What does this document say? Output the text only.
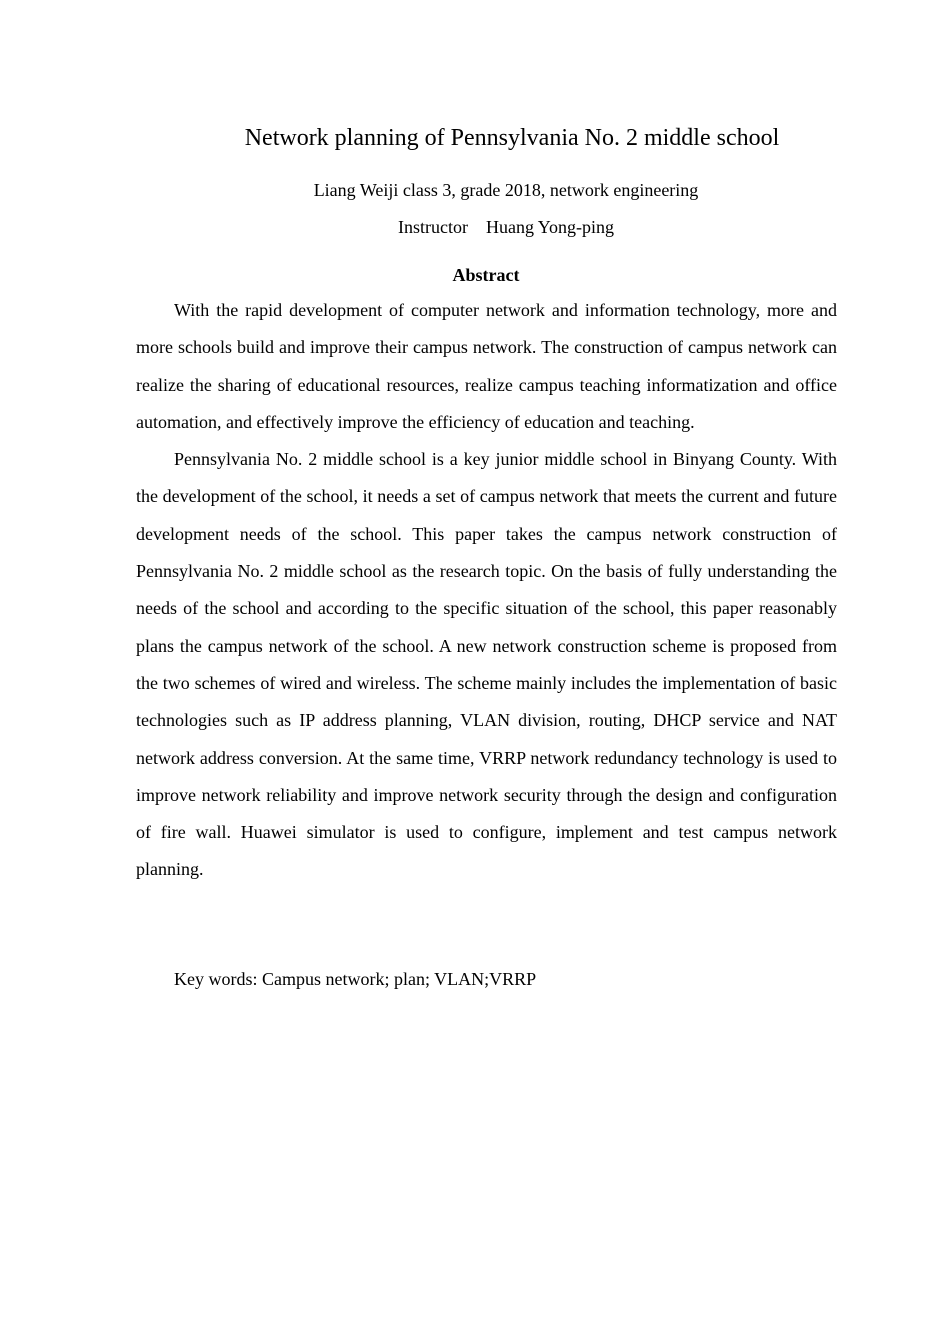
Network planning of Pennsylvania No. 2 middle school
Liang Weiji class 3, grade 2018, network engineering
Instructor Huang Yong-ping
Abstract

With the rapid development of computer network and information technology, more and more schools build and improve their campus network. The construction of campus network can realize the sharing of educational resources, realize campus teaching informatization and office automation, and effectively improve the efficiency of education and teaching.

Pennsylvania No. 2 middle school is a key junior middle school in Binyang County. With the development of the school, it needs a set of campus network that meets the current and future development needs of the school. This paper takes the campus network construction of Pennsylvania No. 2 middle school as the research topic. On the basis of fully understanding the needs of the school and according to the specific situation of the school, this paper reasonably plans the campus network of the school. A new network construction scheme is proposed from the two schemes of wired and wireless. The scheme mainly includes the implementation of basic technologies such as IP address planning, VLAN division, routing, DHCP service and NAT network address conversion. At the same time, VRRP network redundancy technology is used to improve network reliability and improve network security through the design and configuration of fire wall. Huawei simulator is used to configure, implement and test campus network planning.

Key words: Campus network; plan; VLAN;VRRP
